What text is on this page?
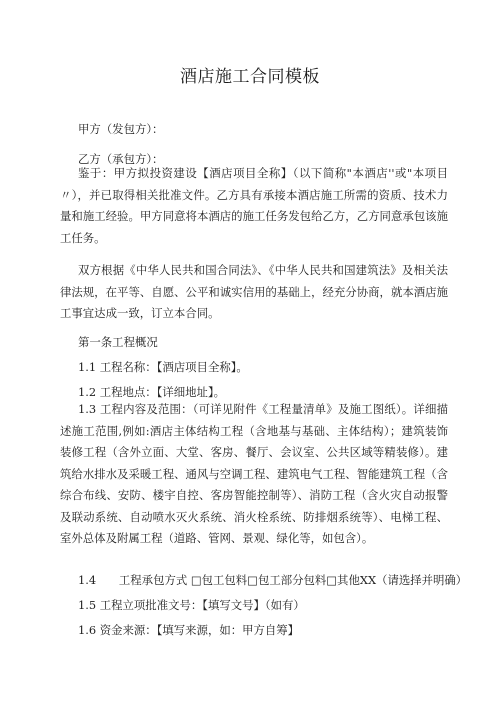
酒店施工合同模板
甲方（发包方）：
乙方（承包方）：

鉴于：甲方拟投资建设【酒店项目全称】（以下简称"本酒店''或"本项目〃），并已取得相关批准文件。乙方具有承接本酒店施工所需的资质、技术力量和施工经验。甲方同意将本酒店的施工任务发包给乙方，乙方同意承包该施工任务。

双方根据《中华人民共和国合同法》、《中华人民共和国建筑法》及相关法律法规，在平等、自愿、公平和诚实信用的基础上，经充分协商，就本酒店施工事宜达成一致，订立本合同。

第一条工程概况
1.1 工程名称：【酒店项目全称】。
1.2 工程地点：【详细地址】。

1.3 工程内容及范围：（可详见附件《工程量清单》及施工图纸）。详细描述施工范围,例如:酒店主体结构工程（含地基与基础、主体结构）；建筑装饰装修工程（含外立面、大堂、客房、餐厅、会议室、公共区域等精装修）。建筑给水排水及采暖工程、通风与空调工程、建筑电气工程、智能建筑工程（含综合布线、安防、楼宇自控、客房智能控制等）、消防工程（含火灾自动报警及联动系统、自动喷水灭火系统、消火栓系统、防排烟系统等）、电梯工程、室外总体及附属工程（道路、管网、景观、绿化等，如包含）。

1.4　　工程承包方式 □包工包料□包工部分包料□其他XX（请选择并明确）
1.5 工程立项批准文号：【填写文号】（如有）
1.6 资金来源：【填写来源，如：甲方自筹】
